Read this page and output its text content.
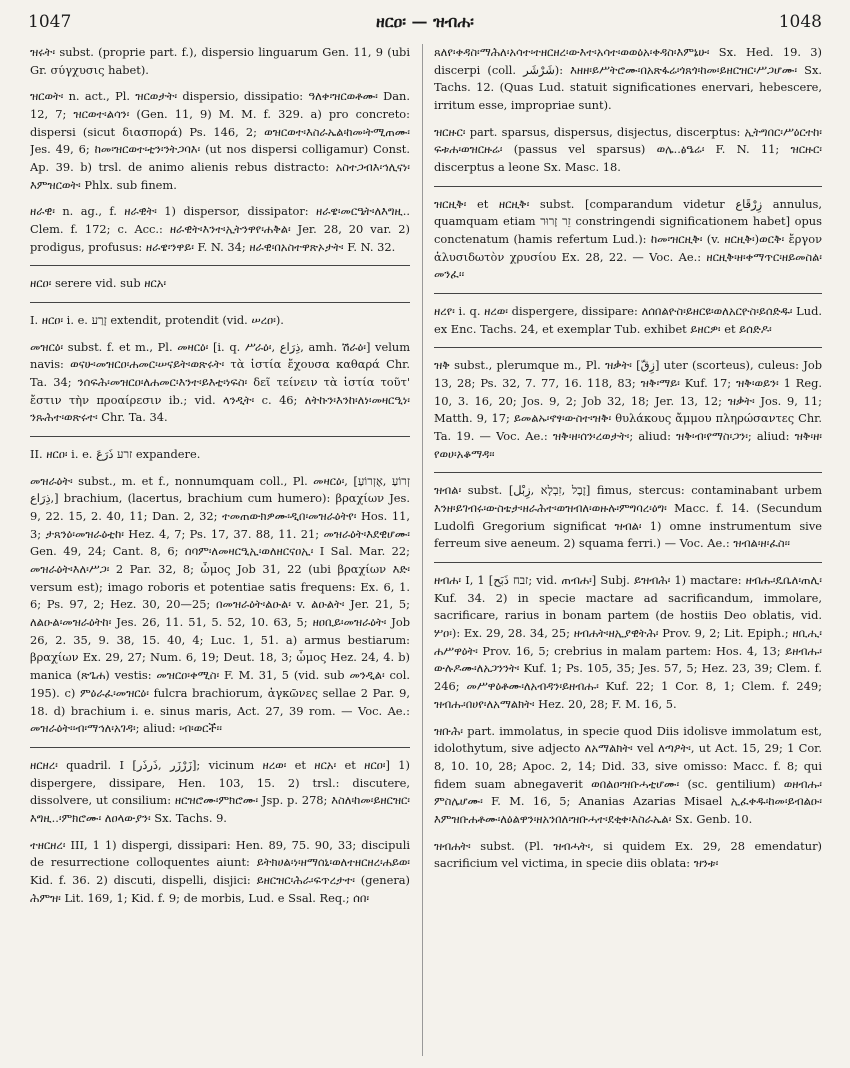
1047	ዘርዐ፡ — ዝብሐ፡	1048

ዝሩት፡ subst. (proprie part. f.), dispersio linguarum Gen. 11, 9 (ubi Gr. σύγχυσις habet).

ዝርወት፡ n. act., Pl. ዝርወታት፡ dispersio, dissipatio: ዓለቀ፡ዝርወቶሙ፡ Dan. 12, 7; ዝርወተ፡ልሳን፡ (Gen. 11, 9) M. M. f. 329. a) pro concreto: dispersi (sicut διασπορά) Ps. 146, 2; ወዝርወተ፡እስራኤል፡ከመ፡ትሚጠሙ፡ Jes. 49, 6; ከመ፡ዝርወተ፡ቲን፡ንትጋባእ፡ (ut nos dispersi colligamur) Const. Ap. 39. b) trsl. de animo alienis rebus distracto: አስተጋብእ፡ኅሊናነ፡እምዝርወት፡ Phlx. sub finem.

ዘራዊ፡ n. ag., f. ዘራዊት፡ 1) dispersor, dissipator: ዘራዌ፡መርዔት፡ለእግዚ.. Clem. f. 172; c. Acc.: ዘራዊት፡እንተ፡ኢትንዋየ፡ሐቅል፡ Jer. 28, 20 var. 2) prodigus, profusus: ዘራዌ፡ንዋይ፡ F. N. 34; ዘራዊ፡በአስተዋጽኦታት፡ F. N. 32.

ዘርዐ፡ serere vid. sub ዘርአ፡

I. ዘርዐ፡ i. e. זָרַע extendit, protendit (vid. ሠረዐ፡).

መዝርዕ፡ subst. f. et m., Pl. መዛርዕ፡ [i. q. ሥራዕ፡, ﺫِﺭَﺍﻉ, amh. ሽራዕ፡] velum navis: ወናሁ፡መዝርዐ፡ሐመር፡ሠናይት፡ወጽሩት፡ τὰ ἱστία ἔχουσα καθαρά Chr. Ta. 34; ንሰፍሕ፡መዝርዐ፡ለሐመር፡እንተ፡ይእቲ፡ነፍስ፡ δεῖ τείνειν τὰ ἱστία τοῦτ' ἔστιν τὴν προαίρεσιν ib.; vid. ላንዲት፡ c. 46; ለትኩን፡እንከ፡ለነ፡መዛርዒነ፡ንጹሕተ፡ወጽሩተ፡ Chr. Ta. 34.

II. ዘርዐ፡ i. e. זרע ذَرَعَ expandere.

መዝራዕት፡ subst., m. et f., nonnumquam coll., Pl. መዛርዕ፡, [זְרוֹעַ ,אֶזְרוֹעַ ,ذِرَاع] brachium, (lacertus, brachium cum humero): βραχίων Jes. 9, 22. 15, 2. 40, 11; Dan. 2, 32; ተመጠውክዎሙ፡ዲበ፡መዝራዕትየ፡ Hos. 11, 3; ታጸንዕ፡መዝራዕቲከ፡ Hez. 4, 7; Ps. 17, 37. 88, 11. 21; መዝራዕት፡እደዊሆሙ፡ Gen. 49, 24; Cant. 8, 6; ሰባም፡ለመዛርዒኢ፡ወለዘርናዐኢ፡ I Sal. Mar. 22; መዝራዕት፡እለ፡ሥጋ፡ 2 Par. 32, 8; ὦμος Job 31, 22 (ubi βραχίων እድ፡ versum est); imago roboris et potentiae satis frequens: Ex. 6, 1. 6; Ps. 97, 2; Hez. 30, 20—25; በመዝራዕት፡ልዑል፡ v. ልዑልት፡ Jer. 21, 5; ለልዑል፡መዝራዕትከ፡ Jes. 26, 11. 51, 5. 52, 10. 63, 5; ዘዐቢይ፡መዝራዕት፡ Job 26, 2. 35, 9. 38, 15. 40, 4; Luc. 1, 51. a) armus bestiarum: βραχίων Ex. 29, 27; Num. 6, 19; Deut. 18, 3; ὦμος Hez. 24, 4. b) manica (ጽጌሐ) vestis: መዝርዐ፡ቀሚስ፡ F. M. 31, 5 (vid. sub መንዲል፡ col. 195). c) ምዕራፈ፡መዝርዕ፡ fulcra brachiorum, ἀγκῶνες sellae 2 Par. 9, 18. d) brachium i. e. sinus maris, Act. 27, 39 rom. — Voc. Ae.: መዝራዕት፡፡ብ፡ማኅለ፡አገዳ፡; aliud: ፡ብ፡ወርች፡፡

ዘርዘረ፡ quadril. I [ﺯَﺭْﺯَﺭ ,ﺫَﺭﺫَﺭ]; vicinum ዘረወ፡ et ዘርአ፡ et ዘርዐ፡] 1) dispergere, dissipare, Hen. 103, 15. 2) trsl.: discutere, dissolvere, ut consilium: ዘርዝሮሙ፡ምክሮሙ፡ Jsp. p. 278; እስለ፡ከመ፡ይዘርዝር፡እግዚ..፡ምክሮሙ፡ ለዐላውያን፡ Sx. Tachs. 9.

ተዘርዘረ፡ III, 1 1) dispergi, dissipari: Hen. 89, 75. 90, 33; discipuli de resurrectione colloquentes aiunt: ይትክሀል፡ነ፡ዘማሰኒ፡ወለተዘርዘረ፡ሐይወ፡ Kid. f. 36. 2) discuti, dispelli, disjici: ይዘርዝር፡ሕራ፡ፍጥረታተ፡ (genera) ሕምዝ፡ Lit. 169, 1; Kid. f. 9; de morbis, Lud. e Ssal. Req.; ሰበ፡

ጸለየ፡ቀዳስ፡ማሕለ፡አሳተ፡ተዘርዘረ፡ውእተ፡አሳተ፡ወወዕአ፡ቀዳስ፡እምኔሁ፡ Sx. Hed. 19. 3) discerpi (coll. ﺷَﺮْﺷَﺮ): እዘዘ፡ይሥትሮሙ፡በአጽፋሬ፡ጎጸጎ፡ከመ፡ይዘርዝር፡ሥጋሆሙ፡ Sx. Tachs. 12. (Quas Lud. statuit significationes enervari, hebescere, irritum esse, impropriae sunt).

ዝርዙር፡ part. sparsus, dispersus, disjectus, discerptus: ኢትግበር፡ሥዕርተከ፡ፍቱሐ፡ወዝርዙሬ፡ (passus vel sparsus) ወሌ..ፅዔሬ፡ F. N. 11; ዝርዙር፡ discerptus a leone Sx. Masc. 18.

ዝርዚቅ፡ et ዘርዚቅ፡ subst. [comparandum videtur ﺯِﺭْﻗَﺎﻉ annulus, quamquam etiam זֵר זָרוּר constringendi significationem habet] opus conctenatum (hamis refertum Lud.): ከመ፡ዝርዚቅ፡ (v. ዘርዚቅ፡)ወርቅ፡ ἔργον ἁλυσιδωτὸν χρυσίου Ex. 28, 22. — Voc. Ae.: ዘርዚቅ፡ዘ፡ቀማጥር፡ዘይመስል፡መንፈ፡፡

ዘረየ፡ i. q. ዘረወ፡ dispergere, dissipare: ለሰበልዮስ፡ይዘርዩ፡ወለአርዮስ፡ይሰድዱ፡ Lud. ex Enc. Tachs. 24, et exemplar Tub. exhibet ይዘርዎ፡ et ይሰድዶ፡

ዝቅ subst., plerumque m., Pl. ዝቃት፡ [ﺯِﻕّ] uter (scorteus), culeus: Job 13, 28; Ps. 32, 7. 77, 16. 118, 83; ዝቅ፡ማይ፡ Kuf. 17; ዝቅ፡ወይን፡ 1 Reg. 10, 3. 16, 20; Jos. 9, 2; Job 32, 18; Jer. 13, 12; ዝቃት፡ Jos. 9, 11; Matth. 9, 17; ይመልኡ፡ኖፃ፡ውስተ፡ዝቅ፡ θυλάκους ἄμμου πληρώσαντες Chr. Ta. 19. — Voc. Ae.: ዝቅ፡ዘ፡ሰን፡ረወታት፡; aliud: ዝቅ፡ብ፡የማስ፡ጋን፡; aliud: ዝቅ፡ዘ፡የወሀ፡አቆማዳ፡፡

ዝብል፡ subst. [זֶבֶל ,זִבְלָא ,ﺯِﺑْﻞ] fimus, stercus: contaminabant urbem እንዘ፡ይገብሩ፡ውስቴታ፡ዘራሕተ፡ወዝብለ፡ወዙሉ፡ምግባረ፡ዕግ፡ Macc. f. 14. (Secundum Ludolfi Gregorium significat ዝብል፡ 1) omne instrumentum sive ferreum sive aeneum. 2) squama ferri.) — Voc. Ae.: ዝብል፡ዘ፡ፈስ፡፡

ዘብሐ፡ I, 1 [זבח ﺫَﺑَﺢ; vid. ጠብሐ፡] Subj. ይዝብሕ፡ 1) mactare: ዘብሑ፡ዴቤለ፡ጠሊ፡ Kuf. 34. 2) in specie mactare ad sacrificandum, immolare, sacrificare, rarius in bonam partem (de hostiis Deo oblatis, vid. ሦዐ፡): Ex. 29, 28. 34, 25; ዘብሐት፡ዘኢያዊትሕ፡ Prov. 9, 2; Lit. Epiph.; ዘቢሒ፡ሐሥዋዕት፡ Prov. 16, 5; crebrius in malam partem: Hos. 4, 13; ይዘብሑ፡ውሉዶሙ፡ለአጋንንት፡ Kuf. 1; Ps. 105, 35; Jes. 57, 5; Hez. 23, 39; Clem. f. 246; መሥዋዕቶሙ፡ለአብዳን፡ይዘብሑ፡ Kuf. 22; 1 Cor. 8, 1; Clem. f. 249; ዝብሑ፡በሀየ፡ለአማልክት፡ Hez. 20, 28; F. M. 16, 5.

ዝቡሕ፡ part. immolatus, in specie quod Diis idolisve immolatum est, idolothytum, sive adjecto ለአማልክት፡ vel ለጣዖት፡, ut Act. 15, 29; 1 Cor. 8, 10. 10, 28; Apoc. 2, 14; Did. 33, sive omisso: Macc. f. 8; qui fidem suam abnegaverit ወበልዐ፡ዝቡሓቲሆሙ፡ (sc. gentilium) ወዘብሑ፡ምስሌሆሙ፡ F. M. 16, 5; Ananias Azarias Misael ኢፈቀዱ፡ከመ፡ይብልዑ፡እምዝቡሐቶሙ፡ለዕልዋን፡ዘአንበለ፡ዝቡሓተ፡ደቂቀ፡እስራኤል፡ Sx. Genb. 10.

ዝብሐት፡ subst. (Pl. ዝብሓት፡, si quidem Ex. 29, 28 emendatur) sacrificium vel victima, in specie diis oblata: ዝንቱ፡
